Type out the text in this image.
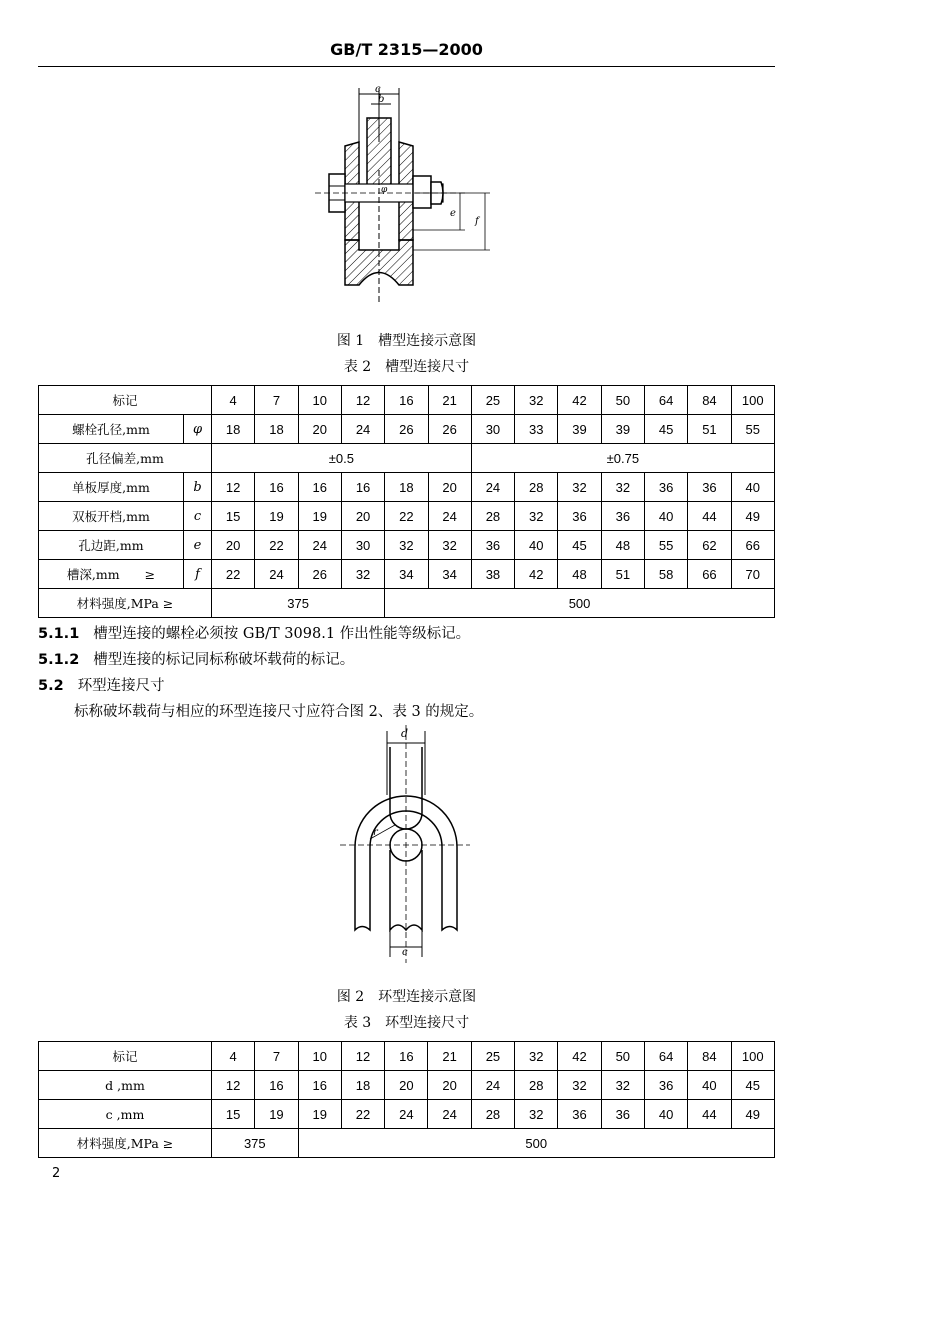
GB/T 2315—2000
c
b
e
f
φ
图 1　槽型连接示意图
表 2　槽型连接尺寸
标记		4	7	10	12	16	21	25	32	42	50	64	84	100
螺栓孔径,mm	φ	18	18	20	24	26	26	30	33	39	39	45	51	55
孔径偏差,mm		±0.5						±0.75						
单板厚度,mm	b	12	16	16	16	18	20	24	28	32	32	36	36	40
双板开档,mm	c	15	19	19	20	22	24	28	32	36	36	40	44	49
孔边距,mm	e	20	22	24	30	32	32	36	40	45	48	55	62	66
槽深,mm　　≥	f	22	24	26	32	34	34	38	42	48	51	58	66	70
材料强度,MPa ≥		375				500								
5.1.1 槽型连接的螺栓必须按 GB/T 3098.1 作出性能等级标记。
5.1.2 槽型连接的标记同标称破坏载荷的标记。
5.2 环型连接尺寸
标称破坏载荷与相应的环型连接尺寸应符合图 2、表 3 的规定。
d
r
c
图 2　环型连接示意图
表 3　环型连接尺寸
标记	4	7	10	12	16	21	25	32	42	50	64	84	100
d ,mm	12	16	16	18	20	20	24	28	32	32	36	40	45
c ,mm	15	19	19	22	24	24	28	32	36	36	40	44	49
材料强度,MPa ≥	375		500										
2
